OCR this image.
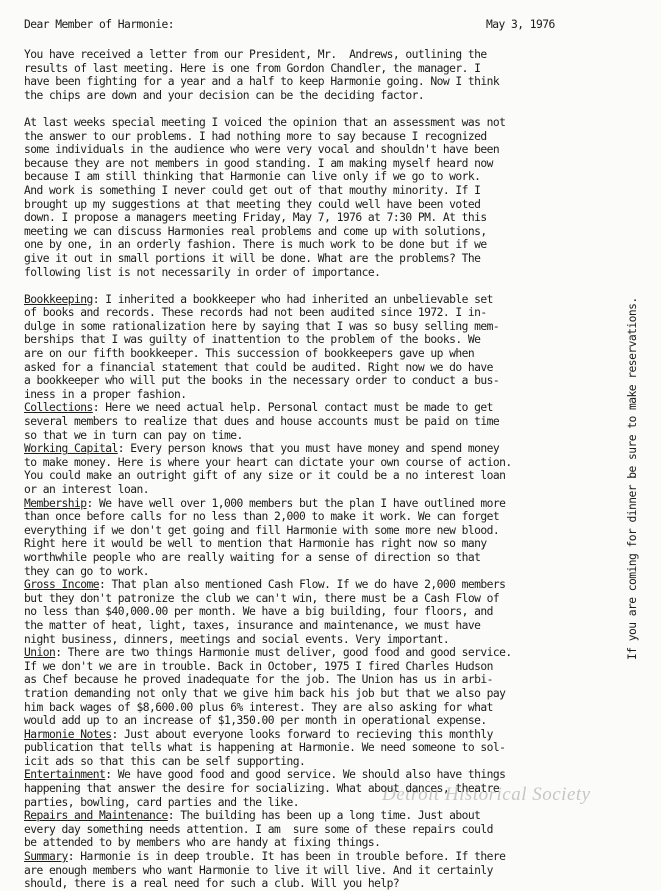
Dear Member of Harmonie:	May 3, 1976
You have received a letter from our President, Mr.  Andrews, outlining the
results of last meeting. Here is one from Gordon Chandler, the manager. I
have been fighting for a year and a half to keep Harmonie going. Now I think
the chips are down and your decision can be the deciding factor.
At last weeks special meeting I voiced the opinion that an assessment was not
the answer to our problems. I had nothing more to say because I recognized
some individuals in the audience who were very vocal and shouldn't have been
because they are not members in good standing. I am making myself heard now
because I am still thinking that Harmonie can live only if we go to work.
And work is something I never could get out of that mouthy minority. If I
brought up my suggestions at that meeting they could well have been voted
down. I propose a managers meeting Friday, May 7, 1976 at 7:30 PM. At this
meeting we can discuss Harmonies real problems and come up with solutions,
one by one, in an orderly fashion. There is much work to be done but if we
give it out in small portions it will be done. What are the problems? The
following list is not necessarily in order of importance.
Bookkeeping: I inherited a bookkeeper who had inherited an unbelievable set
of books and records. These records had not been audited since 1972. I in-
dulge in some rationalization here by saying that I was so busy selling mem-
berships that I was guilty of inattention to the problem of the books. We
are on our fifth bookkeeper. This succession of bookkeepers gave up when
asked for a financial statement that could be audited. Right now we do have
a bookkeeper who will put the books in the necessary order to conduct a bus-
iness in a proper fashion.
Collections: Here we need actual help. Personal contact must be made to get
several members to realize that dues and house accounts must be paid on time
so that we in turn can pay on time.
Working Capital: Every person knows that you must have money and spend money
to make money. Here is where your heart can dictate your own course of action.
You could make an outright gift of any size or it could be a no interest loan
or an interest loan.
Membership: We have well over 1,000 members but the plan I have outlined more
than once before calls for no less than 2,000 to make it work. We can forget
everything if we don't get going and fill Harmonie with some more new blood.
Right here it would be well to mention that Harmonie has right now so many
worthwhile people who are really waiting for a sense of direction so that
they can go to work.
Gross Income: That plan also mentioned Cash Flow. If we do have 2,000 members
but they don't patronize the club we can't win, there must be a Cash Flow of
no less than $40,000.00 per month. We have a big building, four floors, and
the matter of heat, light, taxes, insurance and maintenance, we must have
night business, dinners, meetings and social events. Very important.
Union: There are two things Harmonie must deliver, good food and good service.
If we don't we are in trouble. Back in October, 1975 I fired Charles Hudson
as Chef because he proved inadequate for the job. The Union has us in arbi-
tration demanding not only that we give him back his job but that we also pay
him back wages of $8,600.00 plus 6% interest. They are also asking for what
would add up to an increase of $1,350.00 per month in operational expense.
Harmonie Notes: Just about everyone looks forward to recieving this monthly
publication that tells what is happening at Harmonie. We need someone to sol-
icit ads so that this can be self supporting.
Entertainment: We have good food and good service. We should also have things
happening that answer the desire for socializing. What about dances, theatre
parties, bowling, card parties and the like.
Repairs and Maintenance: The building has been up a long time. Just about
every day something needs attention. I am  sure some of these repairs could
be attended to by members who are handy at fixing things.
Summary: Harmonie is in deep trouble. It has been in trouble before. If there
are enough members who want Harmonie to live it will live. And it certainly
should, there is a real need for such a club. Will you help?
If you are coming for dinner be sure to make reservations.
Detroit Historical Society
